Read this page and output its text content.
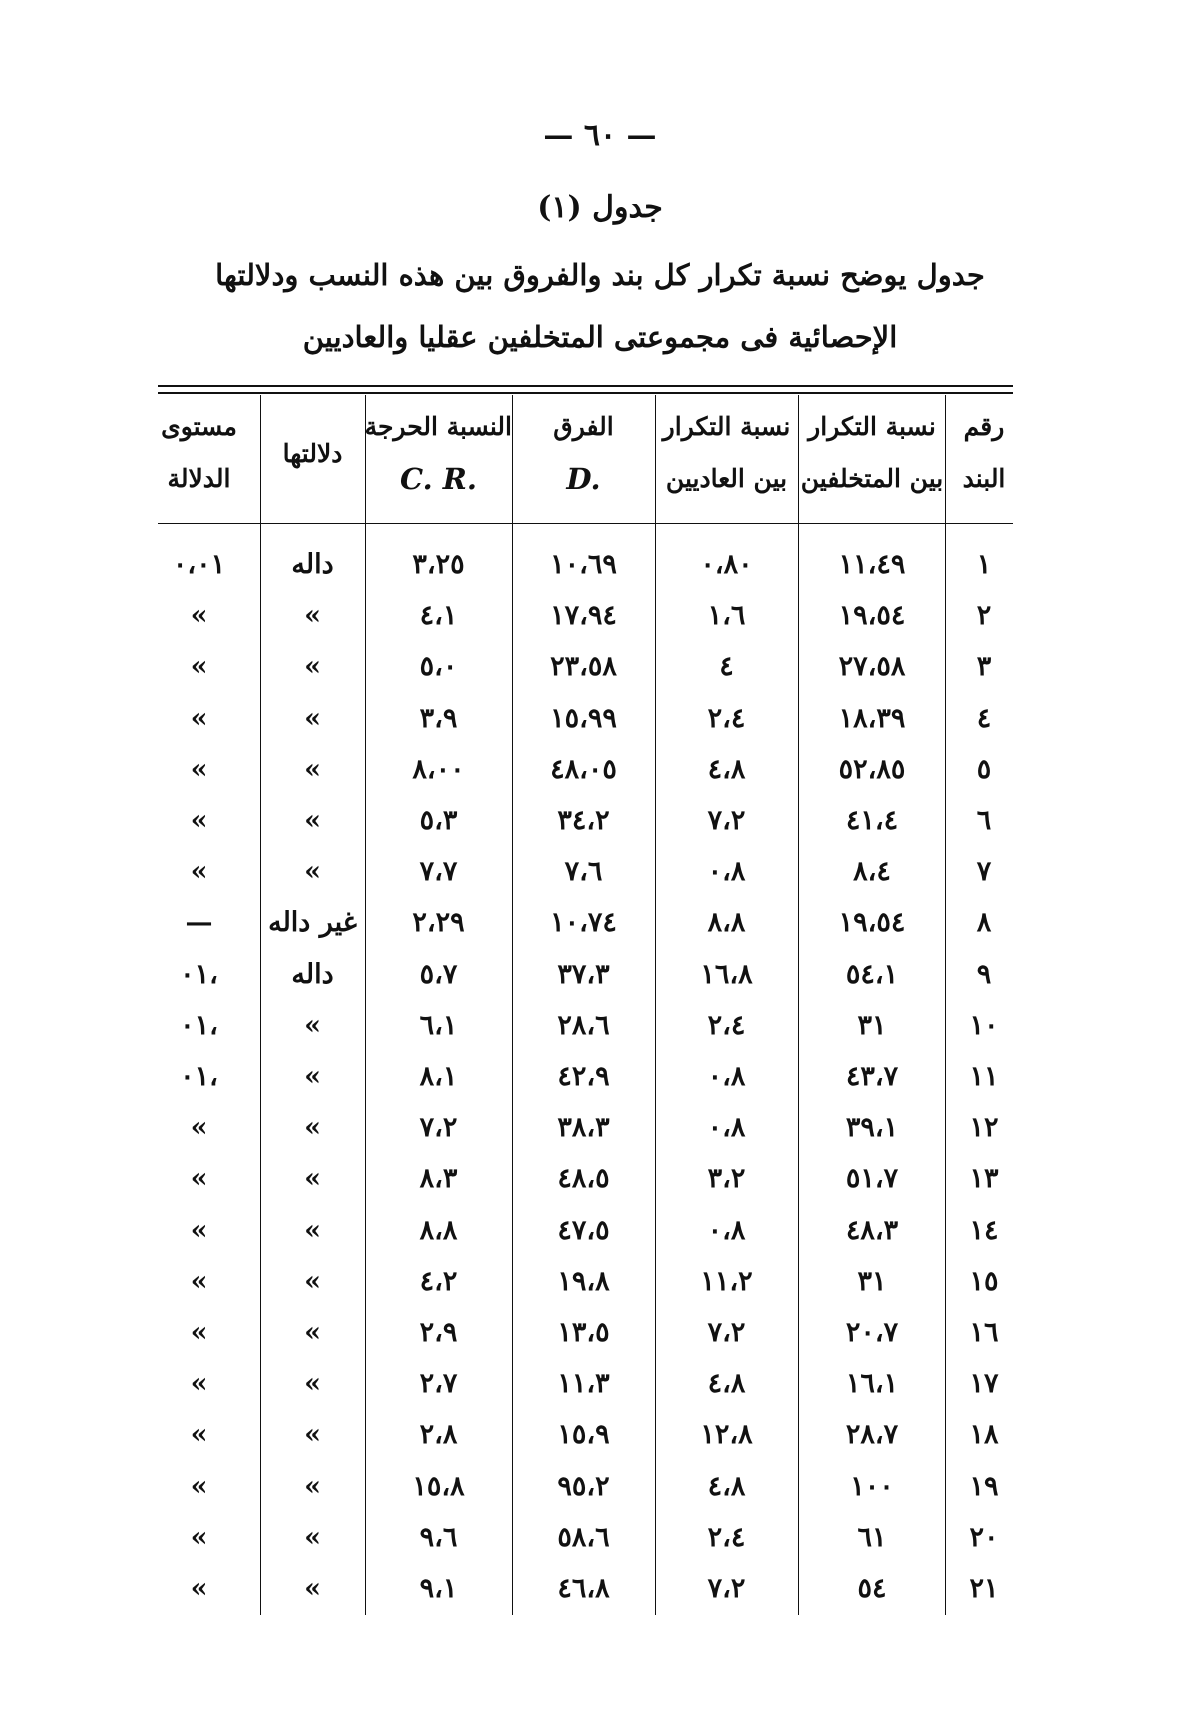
— ٦٠ —
جدول (١)
جدول يوضح نسبة تكرار كل بند والفروق بين هذه النسب ودلالتها
الإحصائية فى مجموعتى المتخلفين عقليا والعاديين
رقم
البند
نسبة التكرار
بين المتخلفين
نسبة التكرار
بين العاديين
الفرق
D.
النسبة الحرجة
C. R.
دلالتها
مستوى
الدلالة
١
١١،٤٩
٠،٨٠
١٠،٦٩
٣،٢٥
داله
٠،٠١
٢
١٩،٥٤
١،٦
١٧،٩٤
٤،١
»
»
٣
٢٧،٥٨
٤
٢٣،٥٨
٥،٠
»
»
٤
١٨،٣٩
٢،٤
١٥،٩٩
٣،٩
»
»
٥
٥٢،٨٥
٤،٨
٤٨،٠٥
٨،٠٠
»
»
٦
٤١،٤
٧،٢
٣٤،٢
٥،٣
»
»
٧
٨،٤
٠،٨
٧،٦
٧،٧
»
»
٨
١٩،٥٤
٨،٨
١٠،٧٤
٢،٢٩
غير داله
—
٩
٥٤،١
١٦،٨
٣٧،٣
٥،٧
داله
،٠١
١٠
٣١
٢،٤
٢٨،٦
٦،١
»
،٠١
١١
٤٣،٧
٠،٨
٤٢،٩
٨،١
»
،٠١
١٢
٣٩،١
٠،٨
٣٨،٣
٧،٢
»
»
١٣
٥١،٧
٣،٢
٤٨،٥
٨،٣
»
»
١٤
٤٨،٣
٠،٨
٤٧،٥
٨،٨
»
»
١٥
٣١
١١،٢
١٩،٨
٤،٢
»
»
١٦
٢٠،٧
٧،٢
١٣،٥
٢،٩
»
»
١٧
١٦،١
٤،٨
١١،٣
٢،٧
»
»
١٨
٢٨،٧
١٢،٨
١٥،٩
٢،٨
»
»
١٩
١٠٠
٤،٨
٩٥،٢
١٥،٨
»
»
٢٠
٦١
٢،٤
٥٨،٦
٩،٦
»
»
٢١
٥٤
٧،٢
٤٦،٨
٩،١
»
»
